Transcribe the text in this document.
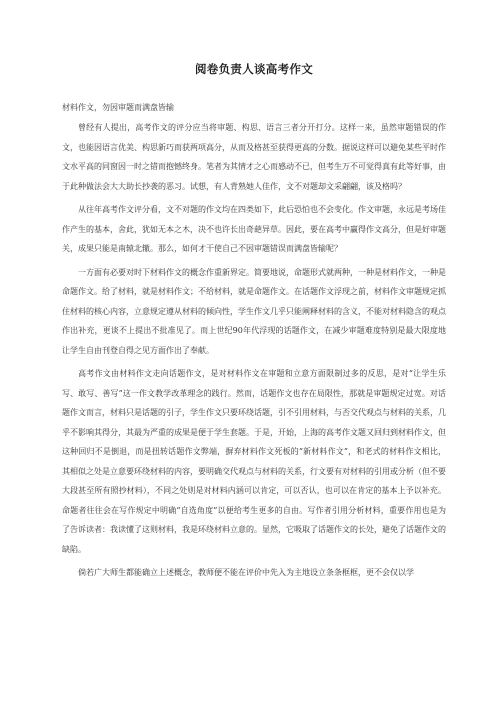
阅卷负责人谈高考作文

材料作文，勿因审题而满盘皆输

曾经有人提出，高考作文的评分应当将审题、构思、语言三者分开打分。这样一来，虽然审题错误的作文，也能因语言优美、构思新巧而获两项高分，从而及格甚至获得更高的分数。据说这样可以避免某些平时作文水平高的同窗因一时之错而抱憾终身。笔者为其情才之心而感动不已，但考生万不可觉得真有此等好事，由于此种做法会大大助长抄袭的恶习。试想，有人背熟她人佳作，文不对题却文采翩翩，该及格吗？

从往年高考作文评分看，文不对题的作文均在四类如下，此后恐怕也不会变化。作文审题，永远是考场佳作产生的基本，舍此，犹如无本之木，决不也许长出奇葩异草。因此，要在高考中赢得作文高分，但是好审题关，成果只能是南辕北辙。那么，如何才干使自己不因审题错误而满盘皆输呢？

一方面有必要对时下材料作文的概念作重新界定。简要地说，命题形式就两种，一种是材料作文，一种是命题作文。给了材料，就是材料作文；不给材料，就是命题作文。在话题作文浮现之前，材料作文审题规定抓住材料的核心内容，立意规定遵从材料的倾向性，学生作文几乎只能阐释材料的含义，不能对材料隐含的观点作出补充，更谈不上提出不批准见了。而上世纪90年代浮现的话题作文，在减少审题难度特别是最大限度地让学生自由刊登自得之见方面作出了奉献。

高考作文由材料作文走向话题作文，是对材料作文在审题和立意方面限制过多的反思，是对“让学生乐写、敢写、善写”这一作文教学改革理念的践行。然而，话题作文也存在局限性，那就是审题规定过宽。对话题作文而言，材料只是话题的引子，学生作文只要环绕话题，引不引用材料，与否交代观点与材料的关系，几乎不影响其得分，其最为严重的成果是便于学生套题。于是，开始，上海的高考作文题又回归到材料作文，但这种回归不是倒退，而是扭转话题作文弊端，摒弃材料作文死板的“新材料作文”，和老式的材料作文相比，其相似之处是立意要环绕材料的内容，要明确交代观点与材料的关系，行文要有对材料的引用或分析（但不要大段甚至所有照抄材料），不同之处则是对材料内涵可以肯定，可以否认，也可以在肯定的基本上予以补充。命题者往往会在写作规定中明确“自选角度”以便给考生更多的自由。写作者引用分析材料，重要作用也是为了告诉读者：我读懂了这则材料，我是环绕材料立意的。显然，它吸取了话题作文的长处，避免了话题作文的缺陷。

倘若广大师生都能确立上述概念，教师便不能在评价中先入为主地设立条条框框，更不会仅以学
